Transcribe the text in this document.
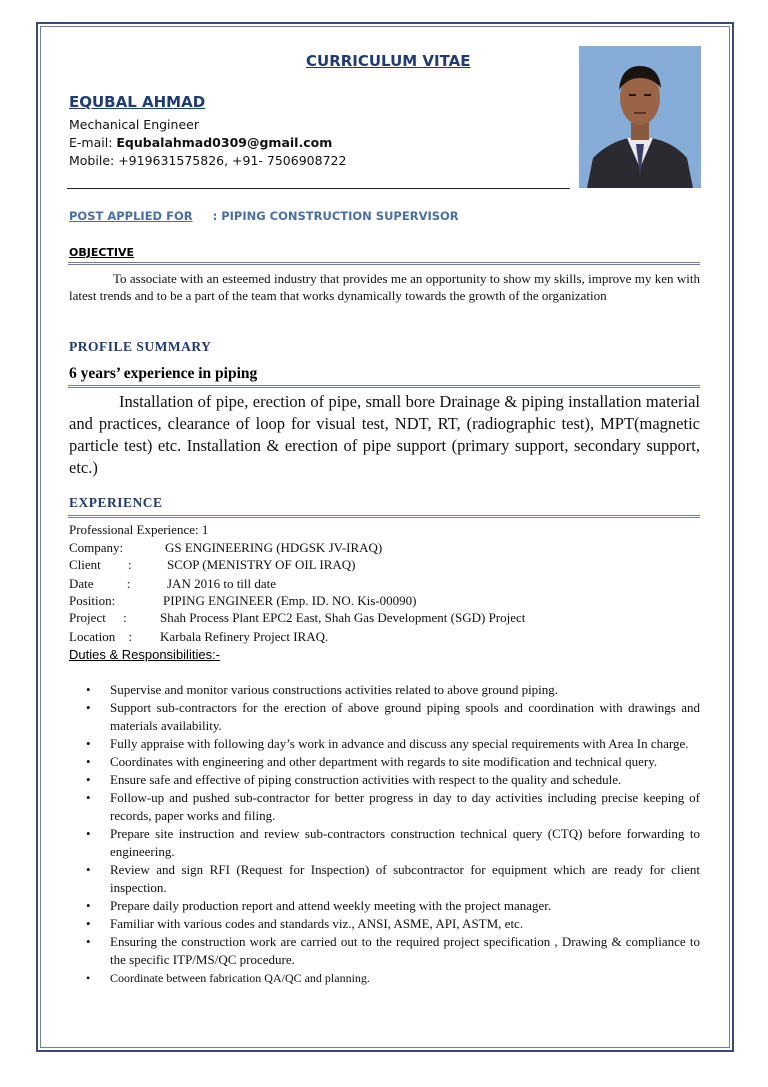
CURRICULUM VITAE
EQUBAL AHMAD
Mechanical Engineer
E-mail: Equbalahmad0309@gmail.com
Mobile: +919631575826, +91- 7506908722
POST APPLIED FOR : PIPING CONSTRUCTION SUPERVISOR
OBJECTIVE
To associate with an esteemed industry that provides me an opportunity to show my skills, improve my ken with latest trends and to be a part of the team that works dynamically towards the growth of the organization
PROFILE SUMMARY
6 years’ experience in piping
Installation of pipe, erection of pipe, small bore Drainage & piping installation material and practices, clearance of loop for visual test, NDT, RT, (radiographic test), MPT(magnetic particle test) etc. Installation & erection of pipe support (primary support, secondary support, etc.)
EXPERIENCE
Professional Experience: 1
Company:	GS ENGINEERING (HDGSK JV-IRAQ)
Client :	SCOP (MENISTRY OF OIL IRAQ)
Date :	JAN 2016 to till date
Position:	PIPING ENGINEER (Emp. ID. NO. Kis-00090)
Project :	Shah Process Plant EPC2 East, Shah Gas Development (SGD) Project
Location : Karbala Refinery Project IRAQ.
Duties & Responsibilities:-
• Supervise and monitor various constructions activities related to above ground piping.
• Support sub-contractors for the erection of above ground piping spools and coordination with drawings and materials availability.
• Fully appraise with following day’s work in advance and discuss any special requirements with Area In charge.
• Coordinates with engineering and other department with regards to site modification and technical query.
• Ensure safe and effective of piping construction activities with respect to the quality and schedule.
• Follow-up and pushed sub-contractor for better progress in day to day activities including precise keeping of records, paper works and filing.
• Prepare site instruction and review sub-contractors construction technical query (CTQ) before forwarding to engineering.
• Review and sign RFI (Request for Inspection) of subcontractor for equipment which are ready for client inspection.
• Prepare daily production report and attend weekly meeting with the project manager.
• Familiar with various codes and standards viz., ANSI, ASME, API, ASTM, etc.
• Ensuring the construction work are carried out to the required project specification , Drawing & compliance to the specific ITP/MS/QC procedure.
• Coordinate between fabrication QA/QC and planning.
